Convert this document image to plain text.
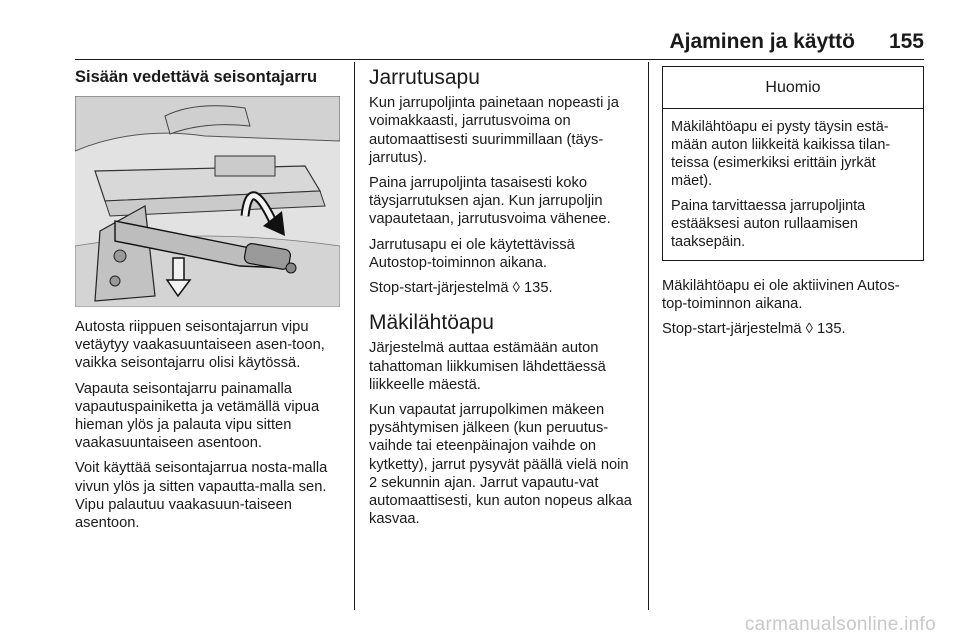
Ajaminen ja käyttö 155
Sisään vedettävä seisontajarru

Autosta riippuen seisontajarrun vipu vetäytyy vaakasuuntaiseen asen-toon, vaikka seisontajarru olisi käytössä.

Vapauta seisontajarru painamalla vapautuspainiketta ja vetämällä vipua hieman ylös ja palauta vipu sitten vaakasuuntaiseen asentoon.

Voit käyttää seisontajarrua nosta-malla vivun ylös ja sitten vapautta-malla sen. Vipu palautuu vaakasuun-taiseen asentoon.

Jarrutusapu

Kun jarrupoljinta painetaan nopeasti ja voimakkaasti, jarrutusvoima on automaattisesti suurimmillaan (täys-jarrutus).

Paina jarrupoljinta tasaisesti koko täysjarrutuksen ajan. Kun jarrupoljin vapautetaan, jarrutusvoima vähenee.

Jarrutusapu ei ole käytettävissä Autostop-toiminnon aikana.

Stop-start-järjestelmä ◊ 135.

Mäkilähtöapu

Järjestelmä auttaa estämään auton tahattoman liikkumisen lähdettäessä liikkeelle mäestä.

Kun vapautat jarrupolkimen mäkeen pysähtymisen jälkeen (kun peruutus-vaihde tai eteenpäinajon vaihde on kytketty), jarrut pysyvät päällä vielä noin 2 sekunnin ajan. Jarrut vapautu-vat automaattisesti, kun auton nopeus alkaa kasvaa.

Huomio

Mäkilähtöapu ei pysty täysin estä-mään auton liikkeitä kaikissa tilan-teissa (esimerkiksi erittäin jyrkät mäet).

Paina tarvittaessa jarrupoljinta estääksesi auton rullaamisen taaksepäin.

Mäkilähtöapu ei ole aktiivinen Autos-top-toiminnon aikana.

Stop-start-järjestelmä ◊ 135.

carmanualsonline.info
